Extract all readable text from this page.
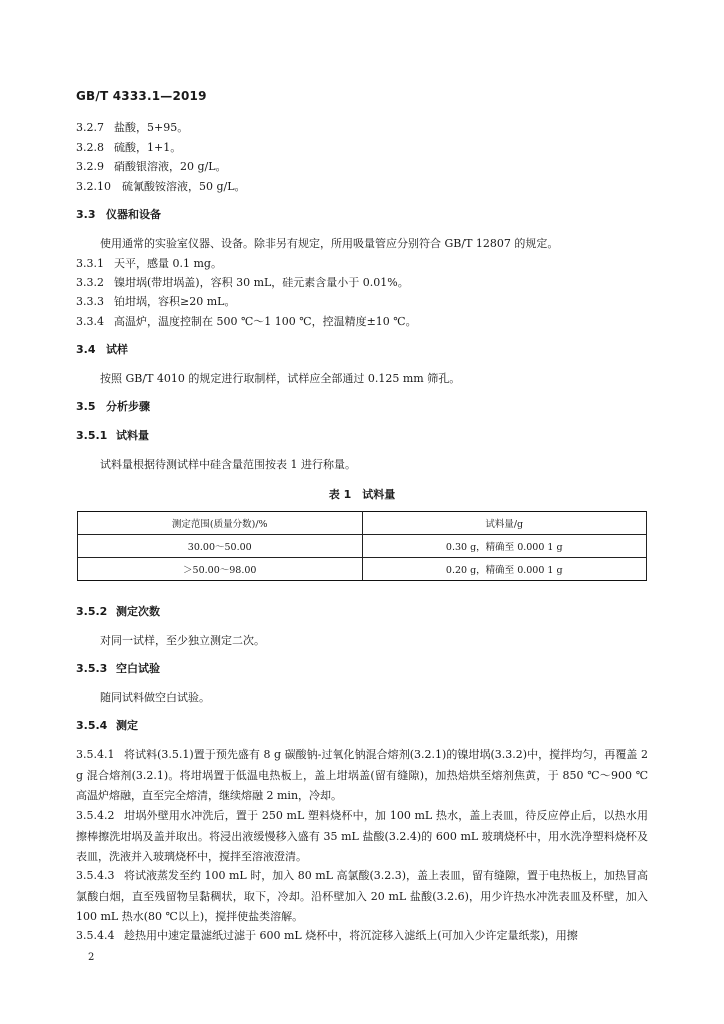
GB/T 4333.1—2019
3.2.7 盐酸，5+95。
3.2.8 硫酸，1+1。
3.2.9 硝酸银溶液，20 g/L。
3.2.10 硫氰酸铵溶液，50 g/L。
3.3 仪器和设备
使用通常的实验室仪器、设备。除非另有规定，所用吸量管应分别符合 GB/T 12807 的规定。
3.3.1 天平，感量 0.1 mg。
3.3.2 镍坩埚(带坩埚盖)，容积 30 mL，硅元素含量小于 0.01%。
3.3.3 铂坩埚，容积≥20 mL。
3.3.4 高温炉，温度控制在 500 ℃～1 100 ℃，控温精度±10 ℃。
3.4 试样
按照 GB/T 4010 的规定进行取制样，试样应全部通过 0.125 mm 筛孔。
3.5 分析步骤
3.5.1 试料量
试料量根据待测试样中硅含量范围按表 1 进行称量。
表 1　试料量
测定范围(质量分数)/%	试料量/g
30.00～50.00	0.30 g，精确至 0.000 1 g
＞50.00～98.00	0.20 g，精确至 0.000 1 g
3.5.2 测定次数
对同一试样，至少独立测定二次。
3.5.3 空白试验
随同试料做空白试验。
3.5.4 测定
3.5.4.1 将试料(3.5.1)置于预先盛有 8 g 碳酸钠-过氧化钠混合熔剂(3.2.1)的镍坩埚(3.3.2)中，搅拌均匀，再覆盖 2 g 混合熔剂(3.2.1)。将坩埚置于低温电热板上，盖上坩埚盖(留有缝隙)，加热焙烘至熔剂焦黄，于 850 ℃～900 ℃高温炉熔融，直至完全熔清，继续熔融 2 min，冷却。
3.5.4.2 坩埚外壁用水冲洗后，置于 250 mL 塑料烧杯中，加 100 mL 热水，盖上表皿，待反应停止后，以热水用擦棒擦洗坩埚及盖并取出。将浸出液缓慢移入盛有 35 mL 盐酸(3.2.4)的 600 mL 玻璃烧杯中，用水洗净塑料烧杯及表皿，洗液并入玻璃烧杯中，搅拌至溶液澄清。
3.5.4.3 将试液蒸发至约 100 mL 时，加入 80 mL 高氯酸(3.2.3)，盖上表皿，留有缝隙，置于电热板上，加热冒高氯酸白烟，直至残留物呈黏稠状，取下，冷却。沿杯壁加入 20 mL 盐酸(3.2.6)，用少许热水冲洗表皿及杯壁，加入 100 mL 热水(80 ℃以上)，搅拌使盐类溶解。
3.5.4.4 趁热用中速定量滤纸过滤于 600 mL 烧杯中，将沉淀移入滤纸上(可加入少许定量纸浆)，用擦
2
